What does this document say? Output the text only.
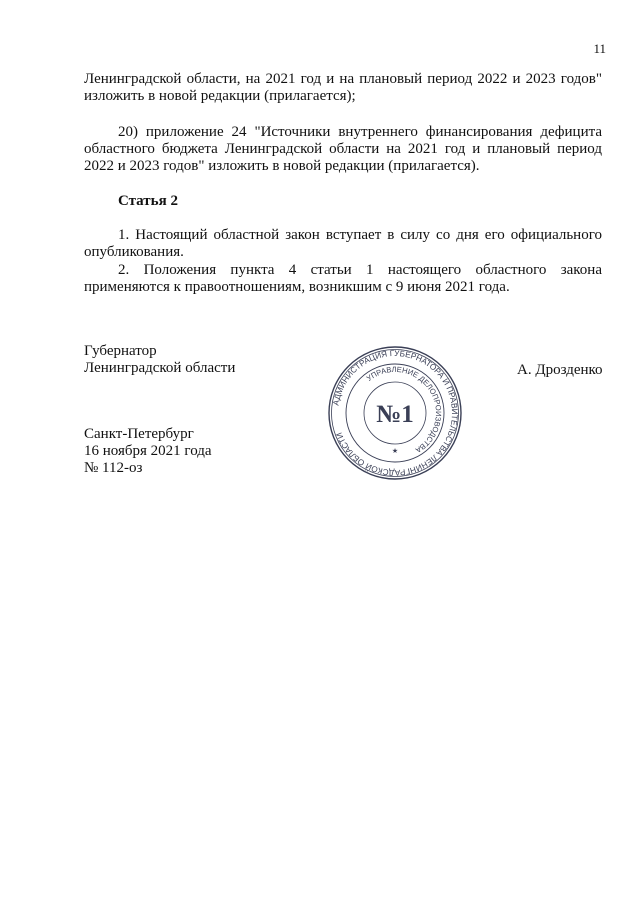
11
Ленинградской области, на 2021 год и на плановый период 2022 и 2023 годов"
изложить в новой редакции (прилагается);
20) приложение 24 "Источники внутреннего финансирования дефицита областного бюджета Ленинградской области на 2021 год и плановый период 2022 и 2023 годов" изложить в новой редакции (прилагается).
Статья 2
1. Настоящий областной закон вступает в силу со дня его официального опубликования.
2. Положения пункта 4 статьи 1 настоящего областного закона применяются к правоотношениям, возникшим с 9 июня 2021 года.
Губернатор
Ленинградской области	А. Дрозденко
Санкт-Петербург
16 ноября 2021 года
№ 112-оз
АДМИНИСТРАЦИЯ ГУБЕРНАТОРА И ПРАВИТЕЛЬСТВА ЛЕНИНГРАДСКОЙ ОБЛАСТИ
УПРАВЛЕНИЕ ДЕЛОПРОИЗВОДСТВА
№1
★
